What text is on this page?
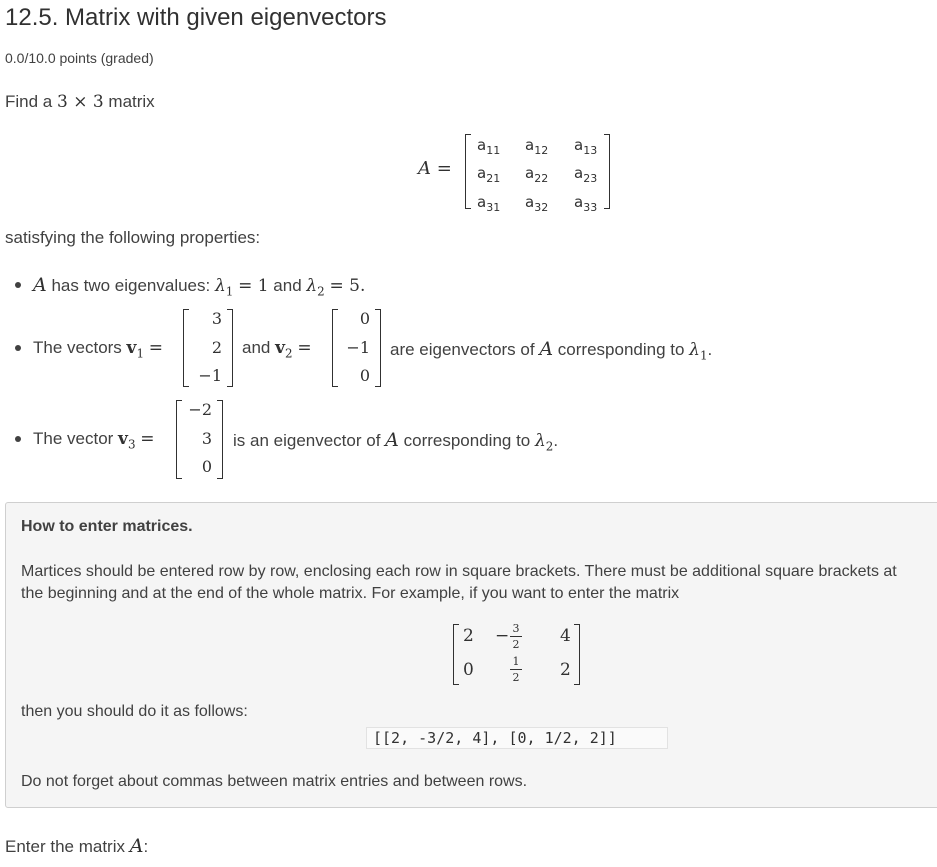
12.5. Matrix with given eigenvectors
0.0/10.0 points (graded)
Find a 3 × 3 matrix
A =
$a_{11}$ $a_{12}$ $a_{13}$
$a_{21}$ $a_{22}$ $a_{23}$
$a_{31}$ $a_{32}$ $a_{33}$
satisfying the following properties:
A has two eigenvalues: $\lambda_1 = 1$ and $\lambda_2 = 5$.
The vectors $v_1$ =
3
2
−1
and $v_2$ =
0
−1
0
are eigenvectors of A corresponding to $\lambda_1$.
The vector $v_3$ =
−2
3
0
is an eigenvector of A corresponding to $\lambda_2$.
How to enter matrices.
Martices should be entered row by row, enclosing each row in square brackets. There must be additional square brackets at
the beginning and at the end of the whole matrix. For example, if you want to enter the matrix
2 − 3
2 4
0	1
2 2
then you should do it as follows:
[[2, -3/2, 4], [0, 1/2, 2]]
Do not forget about commas between matrix entries and between rows.
Enter the matrix A:
